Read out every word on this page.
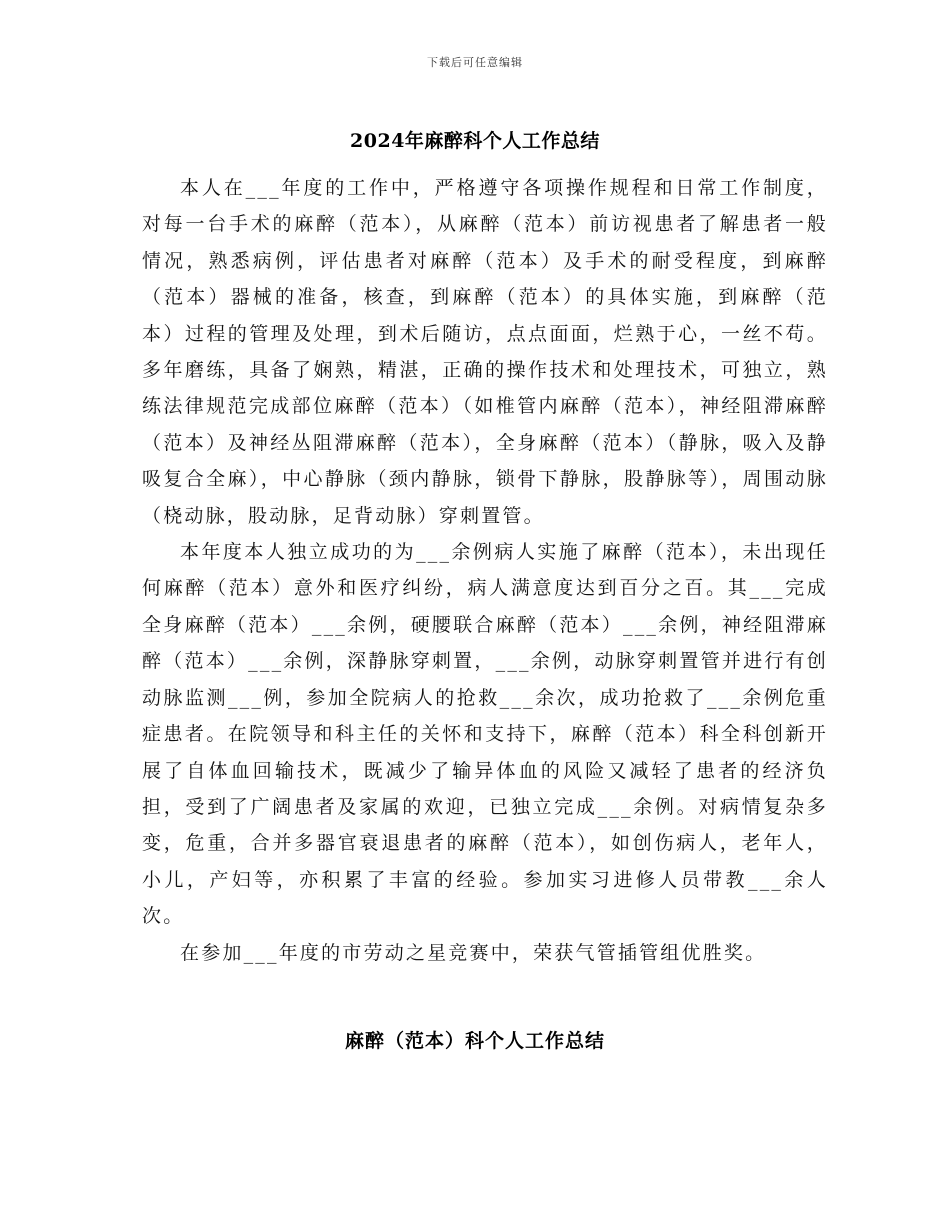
下载后可任意编辑
2024年麻醉科个人工作总结

本人在___年度的工作中，严格遵守各项操作规程和日常工作制度，对每一台手术的麻醉（范本），从麻醉（范本）前访视患者了解患者一般情况，熟悉病例，评估患者对麻醉（范本）及手术的耐受程度，到麻醉（范本）器械的准备，核查，到麻醉（范本）的具体实施，到麻醉（范本）过程的管理及处理，到术后随访，点点面面，烂熟于心，一丝不苟。多年磨练，具备了娴熟，精湛，正确的操作技术和处理技术，可独立，熟练法律规范完成部位麻醉（范本）（如椎管内麻醉（范本），神经阻滞麻醉（范本）及神经丛阻滞麻醉（范本），全身麻醉（范本）（静脉，吸入及静吸复合全麻），中心静脉（颈内静脉，锁骨下静脉，股静脉等），周围动脉（桡动脉，股动脉，足背动脉）穿刺置管。

本年度本人独立成功的为___余例病人实施了麻醉（范本），未出现任何麻醉（范本）意外和医疗纠纷，病人满意度达到百分之百。其___完成全身麻醉（范本）___余例，硬腰联合麻醉（范本）___余例，神经阻滞麻醉（范本）___余例，深静脉穿刺置，___余例，动脉穿刺置管并进行有创动脉监测___例，参加全院病人的抢救___余次，成功抢救了___余例危重症患者。在院领导和科主任的关怀和支持下，麻醉（范本）科全科创新开展了自体血回输技术，既减少了输异体血的风险又减轻了患者的经济负担，受到了广阔患者及家属的欢迎，已独立完成___余例。对病情复杂多变，危重，合并多器官衰退患者的麻醉（范本），如创伤病人，老年人，小儿，产妇等，亦积累了丰富的经验。参加实习进修人员带教___余人次。

在参加___年度的市劳动之星竞赛中，荣获气管插管组优胜奖。

麻醉（范本）科个人工作总结
